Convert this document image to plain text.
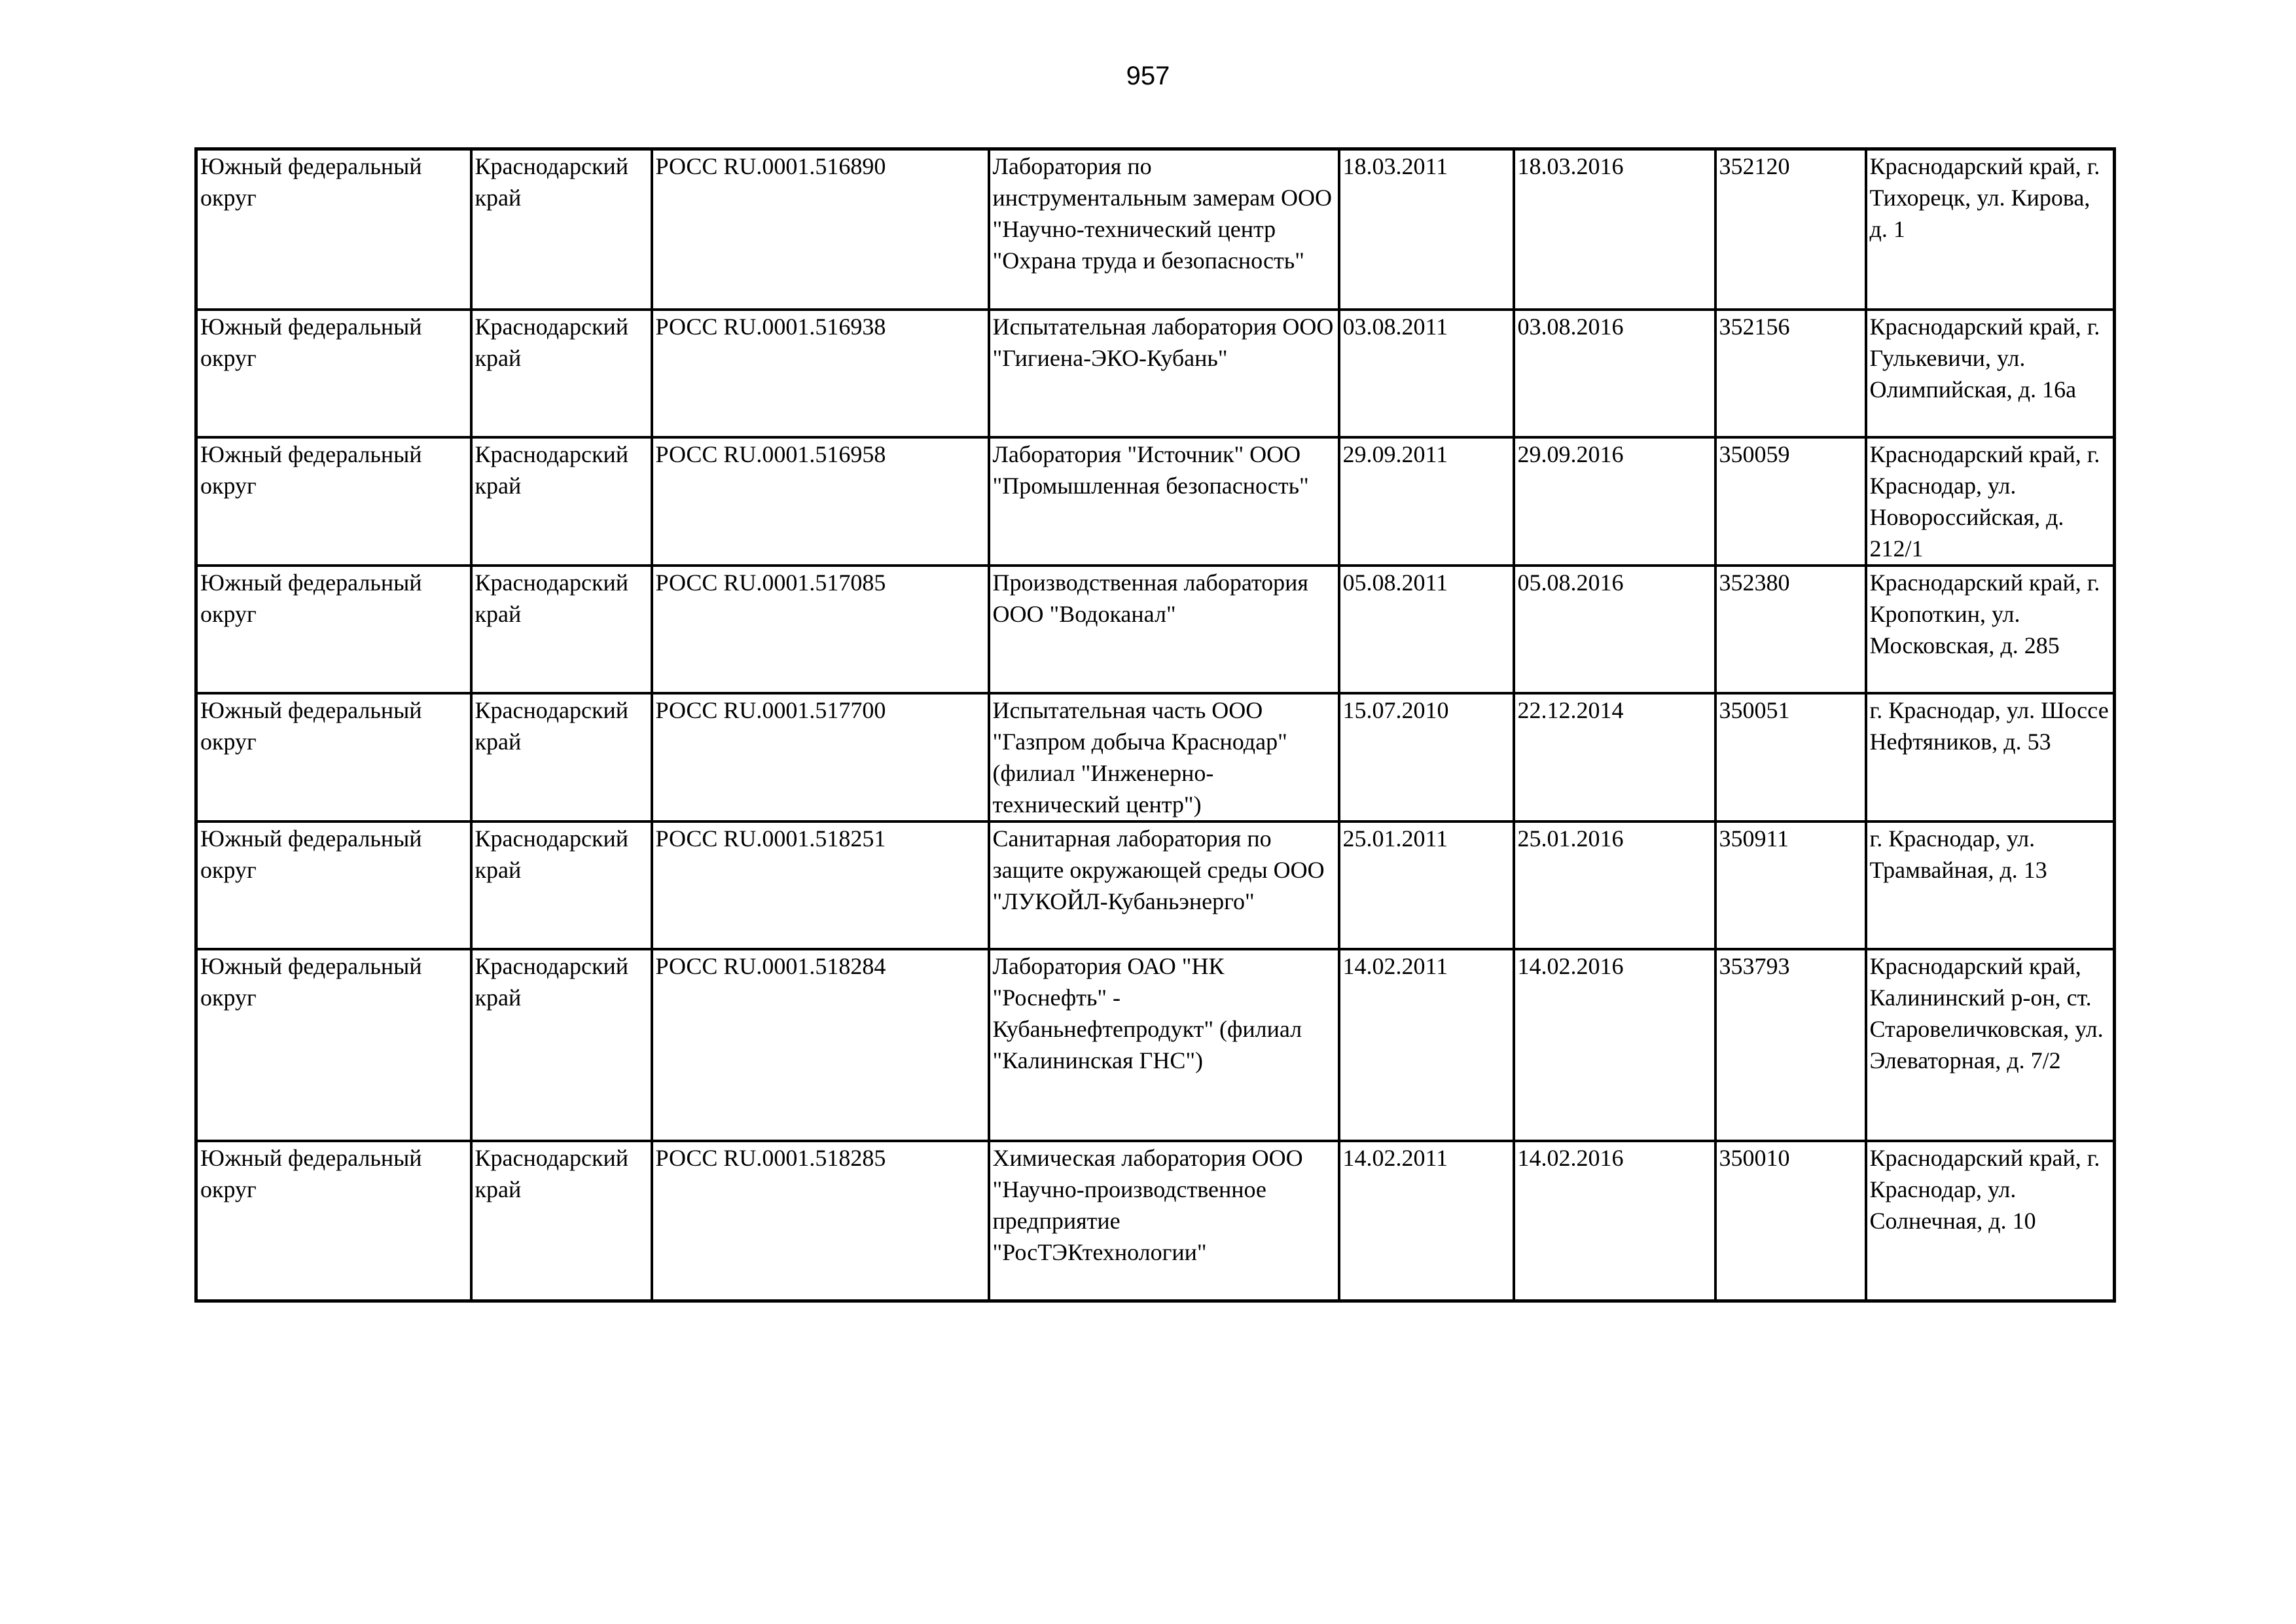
957
Южный федеральный округ	Краснодарский край	РОСС RU.0001.516890	Лаборатория по инструментальным замерам ООО "Научно-технический центр "Охрана труда и безопасность"	18.03.2011	18.03.2016	352120	Краснодарский край, г. Тихорецк, ул. Кирова, д. 1
Южный федеральный округ	Краснодарский край	РОСС RU.0001.516938	Испытательная лаборатория ООО "Гигиена-ЭКО-Кубань"	03.08.2011	03.08.2016	352156	Краснодарский край, г. Гулькевичи, ул. Олимпийская, д. 16а
Южный федеральный округ	Краснодарский край	РОСС RU.0001.516958	Лаборатория "Источник" ООО "Промышленная безопасность"	29.09.2011	29.09.2016	350059	Краснодарский край, г. Краснодар, ул. Новороссийская, д. 212/1
Южный федеральный округ	Краснодарский край	РОСС RU.0001.517085	Производственная лаборатория ООО "Водоканал"	05.08.2011	05.08.2016	352380	Краснодарский край, г. Кропоткин, ул. Московская, д. 285
Южный федеральный округ	Краснодарский край	РОСС RU.0001.517700	Испытательная часть ООО "Газпром добыча Краснодар" (филиал "Инженерно-технический центр")	15.07.2010	22.12.2014	350051	г. Краснодар, ул. Шоссе Нефтяников, д. 53
Южный федеральный округ	Краснодарский край	РОСС RU.0001.518251	Санитарная лаборатория по защите окружающей среды ООО "ЛУКОЙЛ-Кубаньэнерго"	25.01.2011	25.01.2016	350911	г. Краснодар, ул. Трамвайная, д. 13
Южный федеральный округ	Краснодарский край	РОСС RU.0001.518284	Лаборатория ОАО "НК "Роснефть" - Кубаньнефтепродукт" (филиал "Калининская ГНС")	14.02.2011	14.02.2016	353793	Краснодарский край, Калининский р-он, ст. Старовеличковская, ул. Элеваторная, д. 7/2
Южный федеральный округ	Краснодарский край	РОСС RU.0001.518285	Химическая лаборатория ООО "Научно-производственное предприятие "РосТЭКтехнологии"	14.02.2011	14.02.2016	350010	Краснодарский край, г. Краснодар, ул. Солнечная, д. 10
